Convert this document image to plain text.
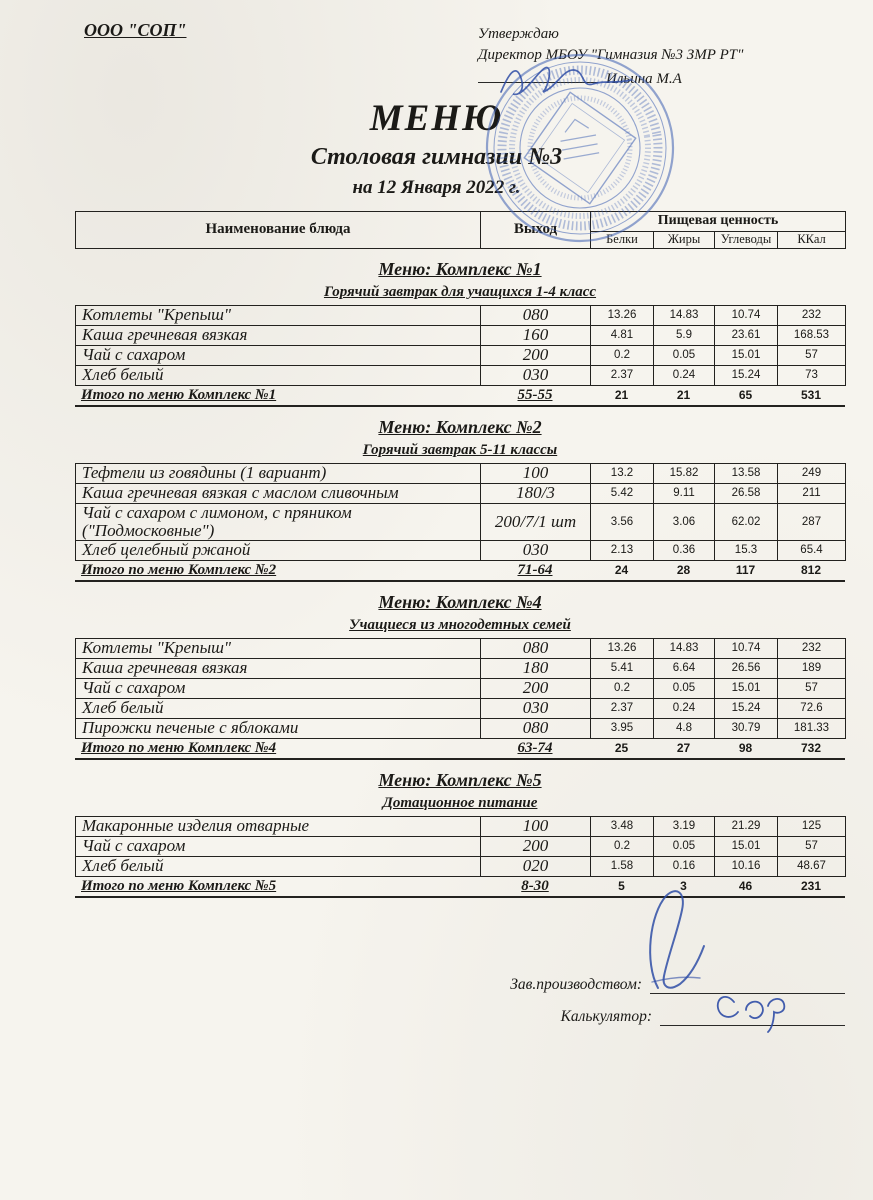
ООО "СОП"	Утверждаю
Директор МБОУ "Гимназия №3 ЗМР РТ"
Ильина М.А
МЕНЮ
Столовая гимназии №3
на 12 Января 2022 г.
Наименование блюда	Выход	Пищевая ценность			
		Белки	Жиры	Углеводы	ККал
Меню: Комплекс №1
Горячий завтрак для учащихся 1-4 класс
Котлеты "Крепыш"	080	13.26	14.83	10.74	232
Каша гречневая вязкая	160	4.81	5.9	23.61	168.53
Чай с сахаром	200	0.2	0.05	15.01	57
Хлеб белый	030	2.37	0.24	15.24	73
Итого по меню Комплекс №1	55-55	21	21	65	531
Меню: Комплекс №2
Горячий завтрак 5-11 классы
Тефтели из говядины (1 вариант)	100	13.2	15.82	13.58	249
Каша гречневая вязкая с маслом сливочным	180/3	5.42	9.11	26.58	211
Чай с сахаром с лимоном, с пряником ("Подмосковные")	200/7/1 шт	3.56	3.06	62.02	287
Хлеб целебный ржаной	030	2.13	0.36	15.3	65.4
Итого по меню Комплекс №2	71-64	24	28	117	812
Меню: Комплекс №4
Учащиеся из многодетных семей
Котлеты "Крепыш"	080	13.26	14.83	10.74	232
Каша гречневая вязкая	180	5.41	6.64	26.56	189
Чай с сахаром	200	0.2	0.05	15.01	57
Хлеб белый	030	2.37	0.24	15.24	72.6
Пирожки печеные с яблоками	080	3.95	4.8	30.79	181.33
Итого по меню Комплекс №4	63-74	25	27	98	732
Меню: Комплекс №5
Дотационное питание
Макаронные изделия отварные	100	3.48	3.19	21.29	125
Чай с сахаром	200	0.2	0.05	15.01	57
Хлеб белый	020	1.58	0.16	10.16	48.67
Итого по меню Комплекс №5	8-30	5	3	46	231
Зав.производством:
Калькулятор:
